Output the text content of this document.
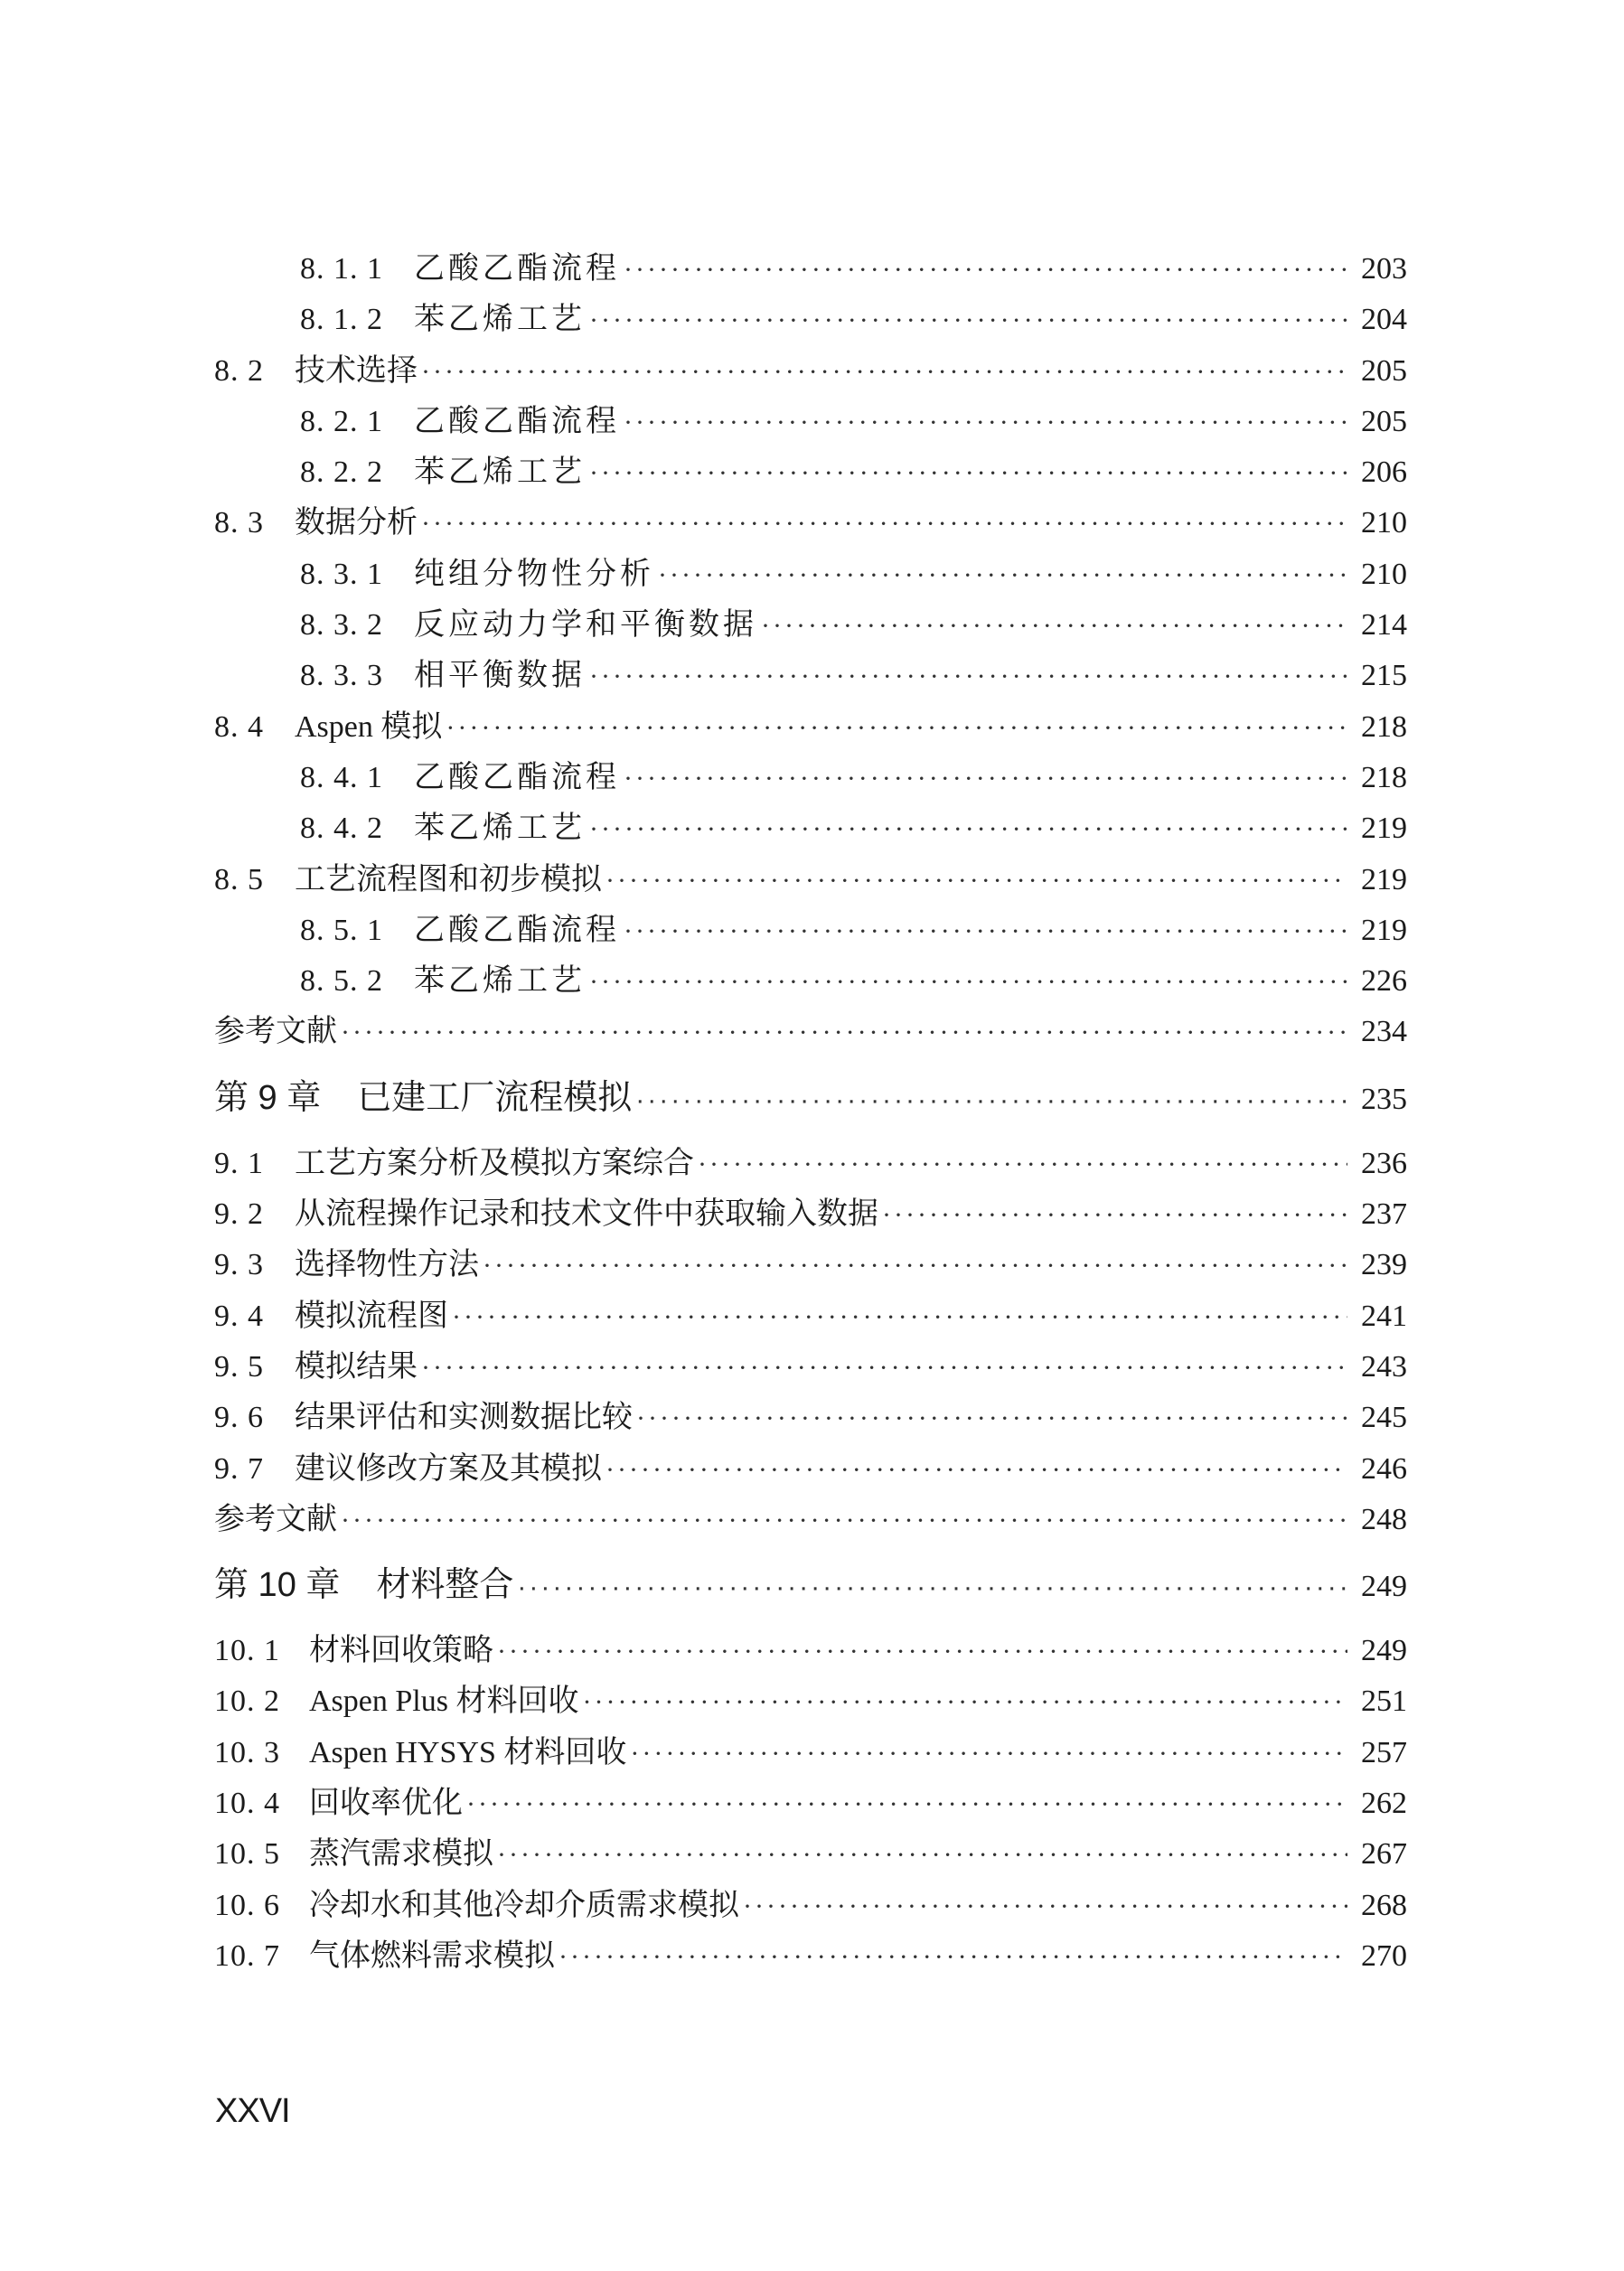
8. 1. 1 乙酸乙酯流程 ·····	203
8. 1. 2 苯乙烯工艺 ·····	204
8. 2 技术选择 ·····	205
8. 2. 1 乙酸乙酯流程 ·····	205
8. 2. 2 苯乙烯工艺 ·····	206
8. 3 数据分析 ·····	210
8. 3. 1 纯组分物性分析 ·····	210
8. 3. 2 反应动力学和平衡数据 ·····	214
8. 3. 3 相平衡数据 ·····	215
8. 4 Aspen 模拟 ·····	218
8. 4. 1 乙酸乙酯流程 ·····	218
8. 4. 2 苯乙烯工艺 ·····	219
8. 5 工艺流程图和初步模拟 ·····	219
8. 5. 1 乙酸乙酯流程 ·····	219
8. 5. 2 苯乙烯工艺 ·····	226
参考文献 ·····	234
第 9 章 已建工厂流程模拟 ·····	235
9. 1 工艺方案分析及模拟方案综合 ·····	236
9. 2 从流程操作记录和技术文件中获取输入数据 ·····	237
9. 3 选择物性方法 ·····	239
9. 4 模拟流程图 ·····	241
9. 5 模拟结果 ·····	243
9. 6 结果评估和实测数据比较 ·····	245
9. 7 建议修改方案及其模拟 ·····	246
参考文献 ·····	248
第 10 章 材料整合 ·····	249
10. 1 材料回收策略 ·····	249
10. 2 Aspen Plus 材料回收 ·····	251
10. 3 Aspen HYSYS 材料回收 ·····	257
10. 4 回收率优化 ·····	262
10. 5 蒸汽需求模拟 ·····	267
10. 6 冷却水和其他冷却介质需求模拟 ·····	268
10. 7 气体燃料需求模拟 ·····	270
XXVI
